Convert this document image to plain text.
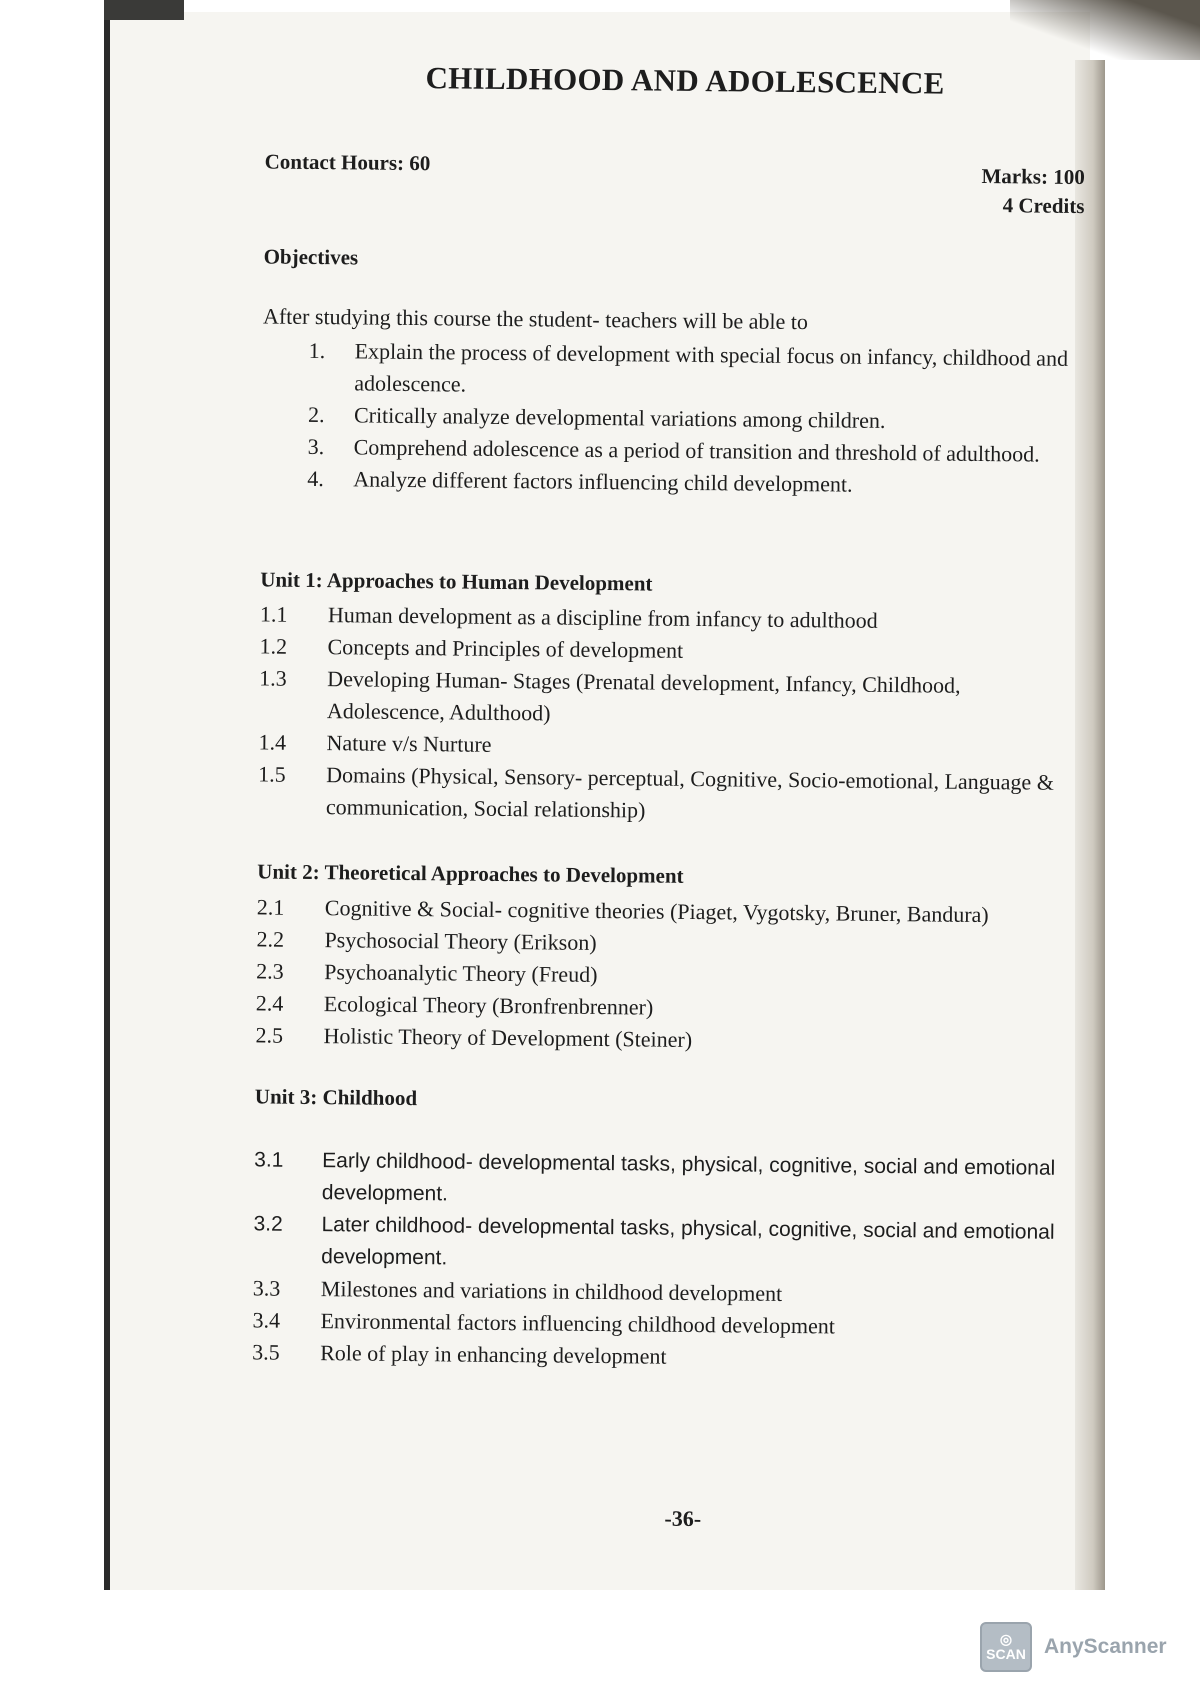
CHILDHOOD AND ADOLESCENCE
Contact Hours: 60
Marks: 100
4 Credits
Objectives
After studying this course the student- teachers will be able to
1.	Explain the process of development with special focus on infancy, childhood and adolescence.
2.	Critically analyze developmental variations among children.
3.	Comprehend adolescence as a period of transition and threshold of adulthood.
4.	Analyze different factors influencing child development.
Unit 1: Approaches to Human Development
1.1	Human development as a discipline from infancy to adulthood
1.2	Concepts and Principles of development
1.3	Developing Human- Stages (Prenatal development, Infancy, Childhood, Adolescence, Adulthood)
1.4	Nature v/s Nurture
1.5	Domains (Physical, Sensory- perceptual, Cognitive, Socio-emotional, Language & communication, Social relationship)
Unit 2: Theoretical Approaches to Development
2.1	Cognitive & Social- cognitive theories (Piaget, Vygotsky, Bruner, Bandura)
2.2	Psychosocial Theory (Erikson)
2.3	Psychoanalytic Theory (Freud)
2.4	Ecological Theory (Bronfrenbrenner)
2.5	Holistic Theory of Development (Steiner)
Unit 3: Childhood
3.1	Early childhood- developmental tasks, physical, cognitive, social and emotional development.
3.2	Later childhood- developmental tasks, physical, cognitive, social and emotional development.
3.3	Milestones and variations in childhood development
3.4	Environmental factors influencing childhood development
3.5	Role of play in enhancing development
-36-
◎
SCAN AnyScanner
